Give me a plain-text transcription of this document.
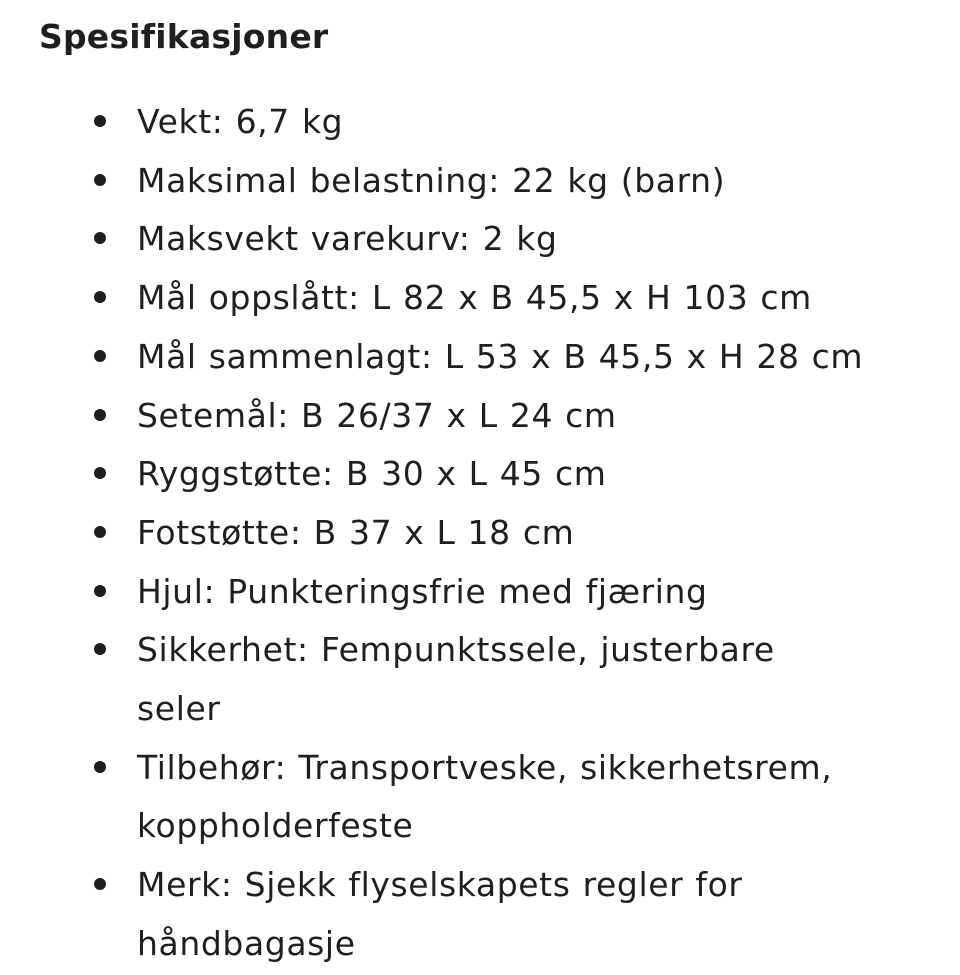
Spesifikasjoner
Vekt: 6,7 kg
Maksimal belastning: 22 kg (barn)
Maksvekt varekurv: 2 kg
Mål oppslått: L 82 x B 45,5 x H 103 cm
Mål sammenlagt: L 53 x B 45,5 x H 28 cm
Setemål: B 26/37 x L 24 cm
Ryggstøtte: B 30 x L 45 cm
Fotstøtte: B 37 x L 18 cm
Hjul: Punkteringsfrie med fjæring
Sikkerhet: Fempunktssele, justerbare
seler
Tilbehør: Transportveske, sikkerhetsrem,
koppholderfeste
Merk: Sjekk flyselskapets regler for
håndbagasje
